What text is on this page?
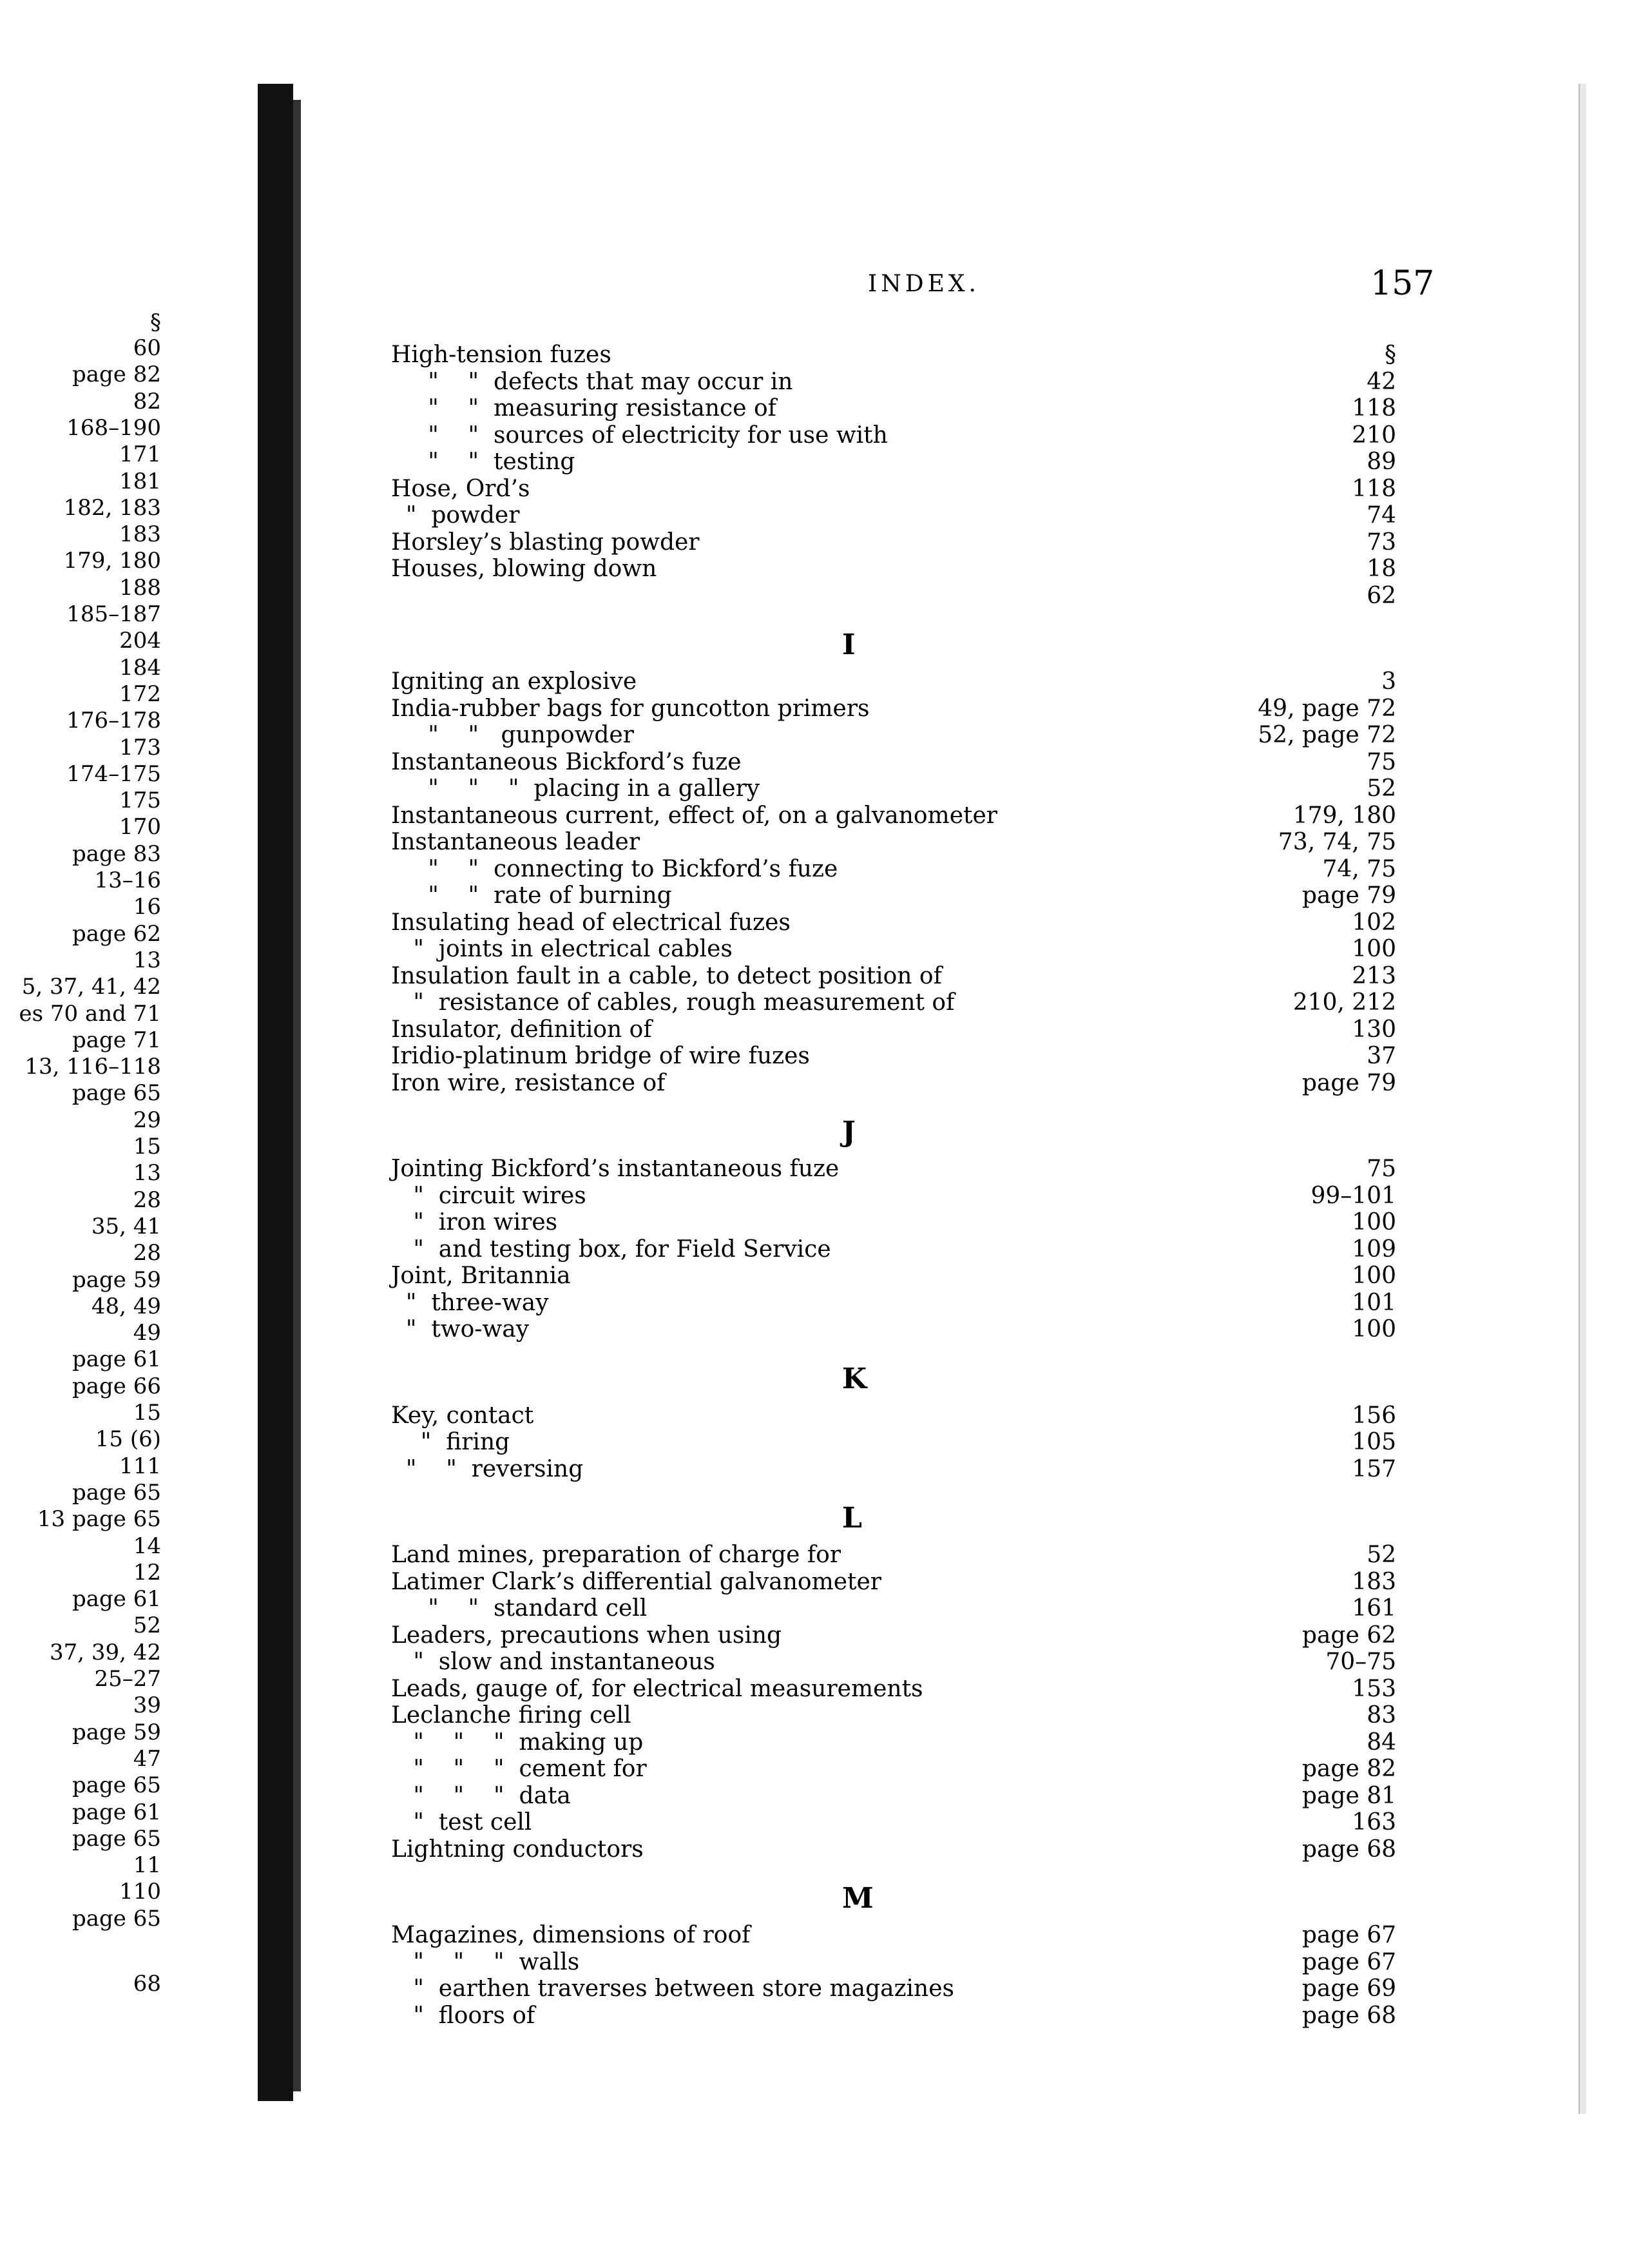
§
60
page 82
82
168–190
171
181
182, 183
183
179, 180
188
185–187
204
184
172
176–178
173
174–175
175
170
page 83
13–16
16
page 62
13
5, 37, 41, 42
es 70 and 71
page 71
13, 116–118
page 65
29
15
13
28
35, 41
28
page 59
48, 49
49
page 61
page 66
15
15 (6)
111
page 65
13 page 65
14
12
page 61
52
37, 39, 42
25–27
39
page 59
47
page 65
page 61
page 65
11
110
page 65
68
INDEX.	157
High-tension fuzes	§
"    "  defects that may occur in	42
"    "  measuring resistance of	118
"    "  sources of electricity for use with	210
"    "  testing	89
Hose, Ord’s	118
"  powder	74
Horsley’s blasting powder	73
Houses, blowing down	18
62
I
Igniting an explosive	3
India-rubber bags for guncotton primers	49, page 72
"    "   gunpowder	52, page 72
Instantaneous Bickford’s fuze	75
"    "    "  placing in a gallery	52
Instantaneous current, effect of, on a galvanometer	179, 180
Instantaneous leader	73, 74, 75
"    "  connecting to Bickford’s fuze	74, 75
"    "  rate of burning	page 79
Insulating head of electrical fuzes	102
"  joints in electrical cables	100
Insulation fault in a cable, to detect position of	213
"  resistance of cables, rough measurement of	210, 212
Insulator, definition of	130
Iridio-platinum bridge of wire fuzes	37
Iron wire, resistance of	page 79
J
Jointing Bickford’s instantaneous fuze	75
"  circuit wires	99–101
"  iron wires	100
"  and testing box, for Field Service	109
Joint, Britannia	100
"  three-way	101
"  two-way	100
K
Key, contact	156
"  firing	105
"    "  reversing	157
L
Land mines, preparation of charge for	52
Latimer Clark’s differential galvanometer	183
"    "  standard cell	161
Leaders, precautions when using	page 62
"  slow and instantaneous	70–75
Leads, gauge of, for electrical measurements	153
Leclanche firing cell	83
"    "    "  making up	84
"    "    "  cement for	page 82
"    "    "  data	page 81
"  test cell	163
Lightning conductors	page 68
M
Magazines, dimensions of roof	page 67
"    "    "  walls	page 67
"  earthen traverses between store magazines	page 69
"  floors of	page 68
